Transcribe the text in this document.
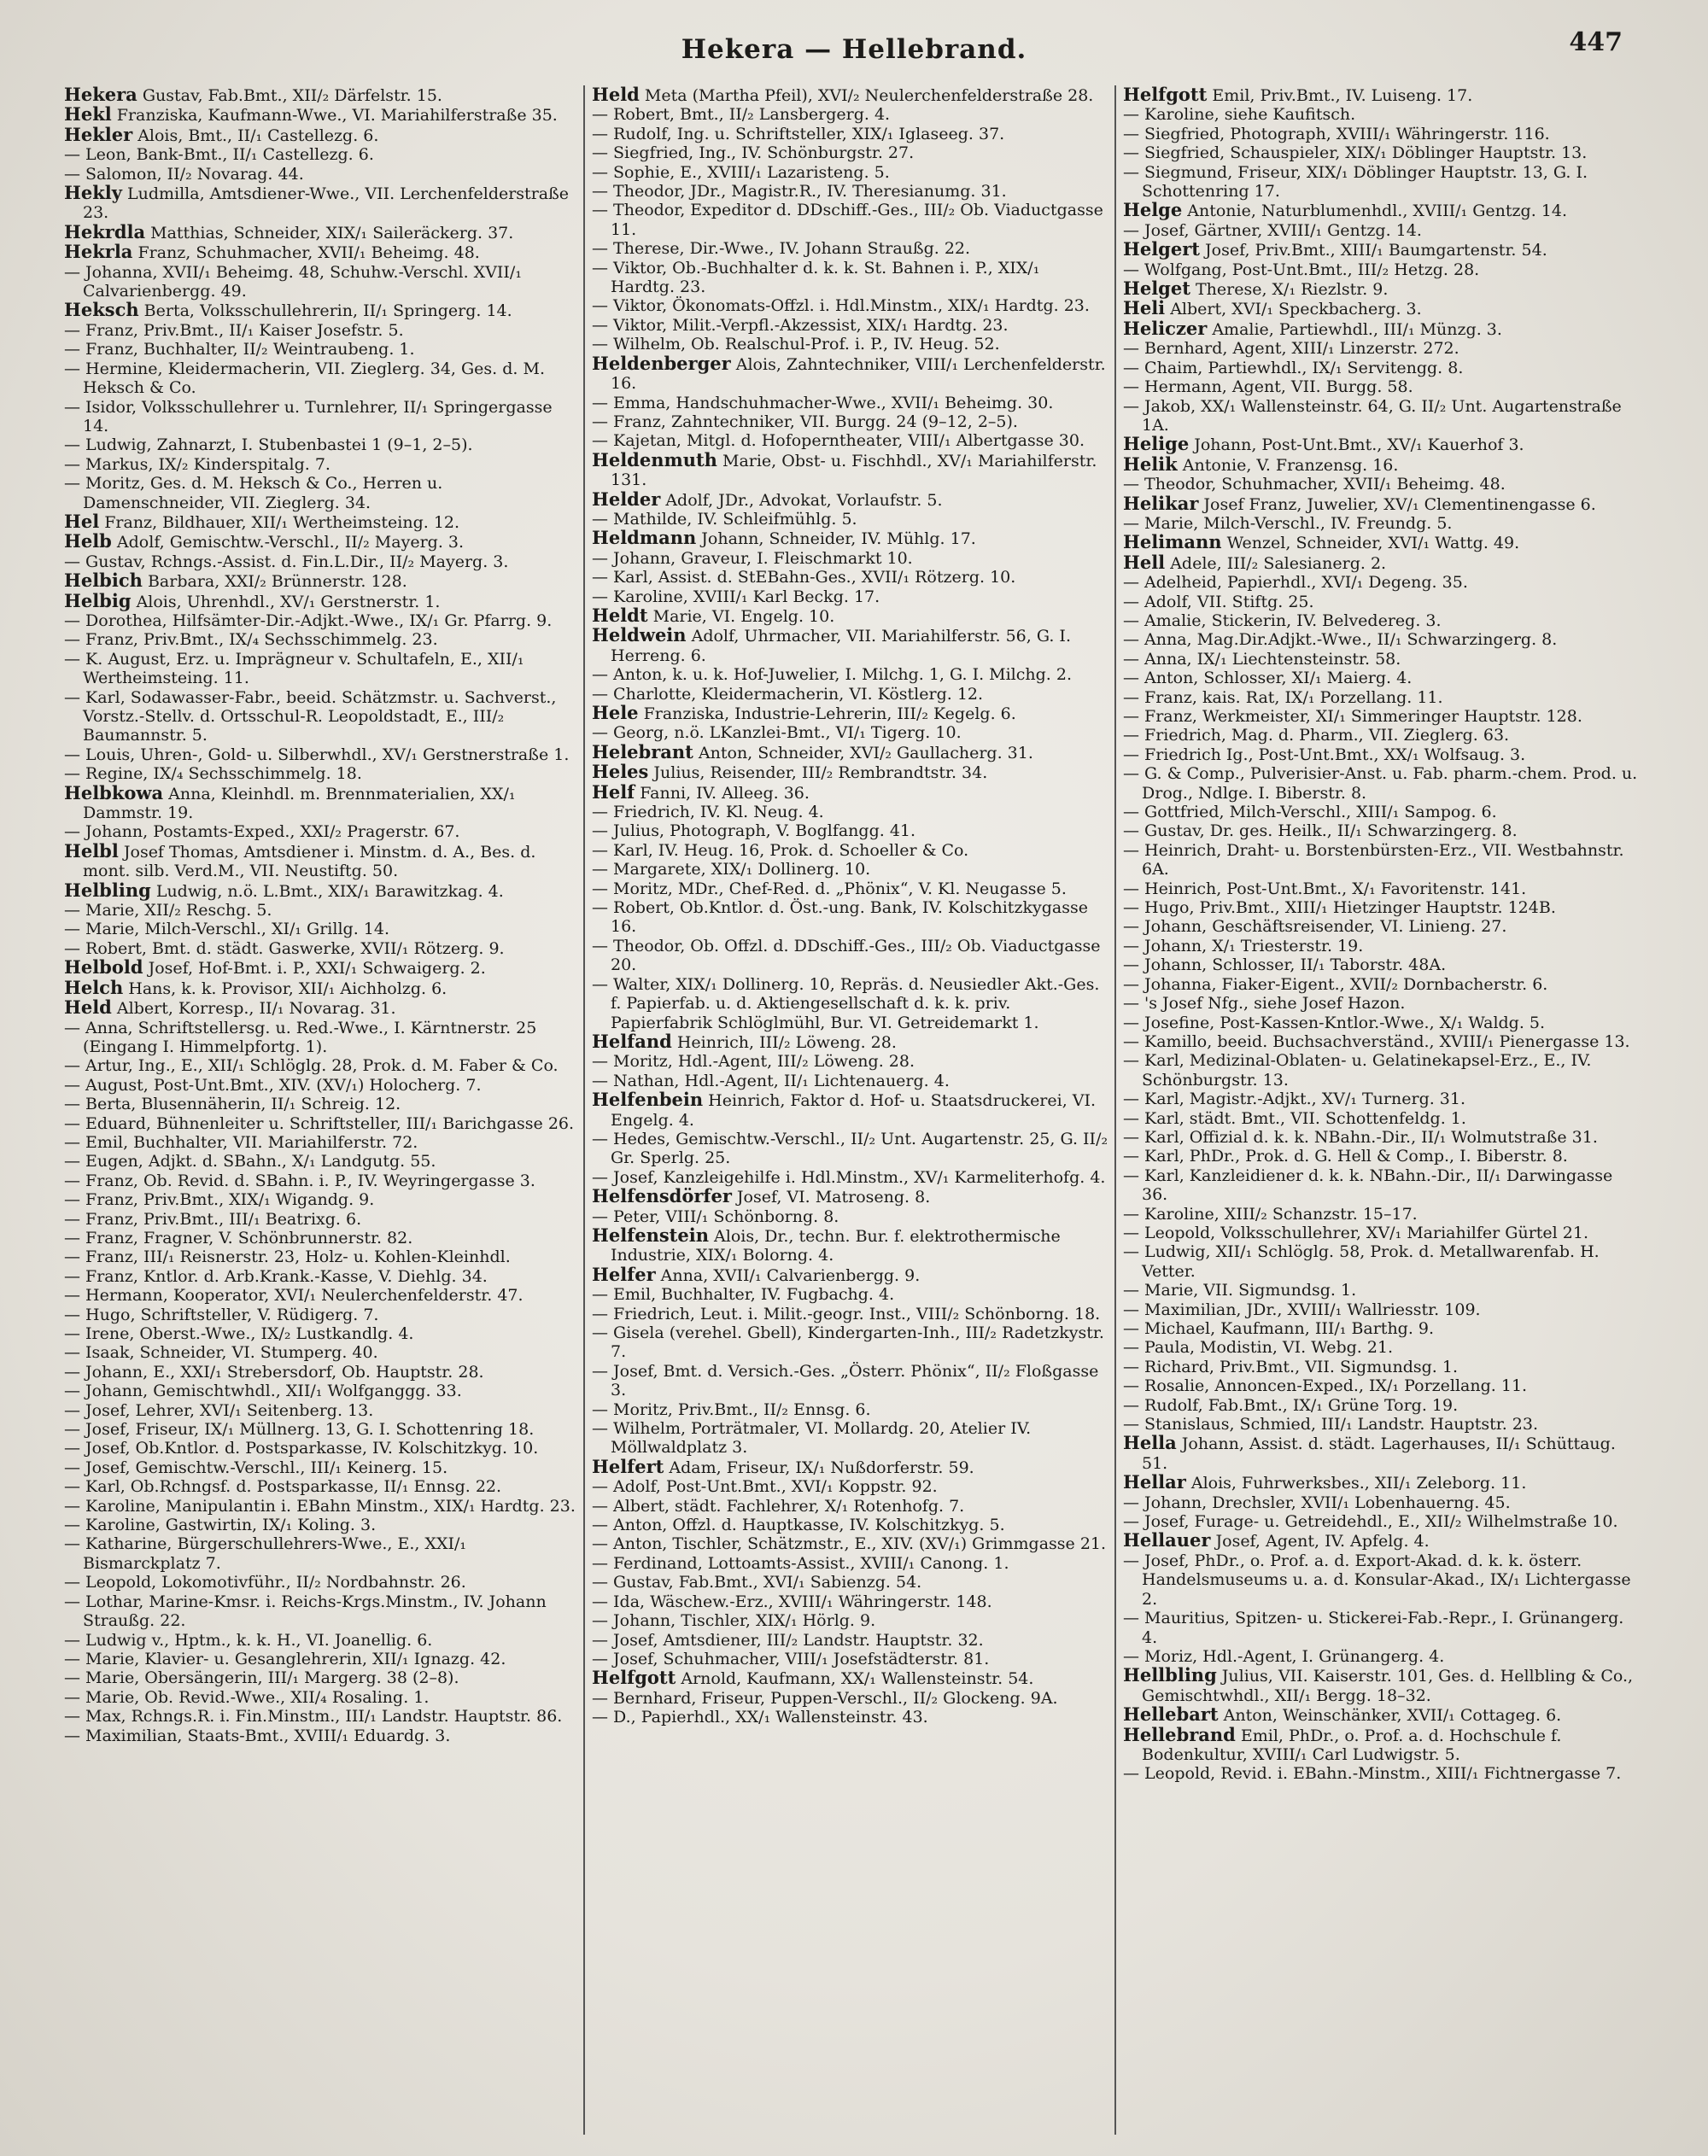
Hekera — Hellebrand.	447

Hekera Gustav, Fab.Bmt., XII/₂ Därfelstr. 15.

Hekl Franziska, Kaufmann-Wwe., VI. Mariahilferstraße 35.

Hekler Alois, Bmt., II/₁ Castellezg. 6.

— Leon, Bank-Bmt., II/₁ Castellezg. 6.

— Salomon, II/₂ Novarag. 44.

Hekly Ludmilla, Amtsdiener-Wwe., VII. Lerchenfelderstraße 23.

Hekrdla Matthias, Schneider, XIX/₁ Saileräckerg. 37.

Hekrla Franz, Schuhmacher, XVII/₁ Beheimg. 48.

— Johanna, XVII/₁ Beheimg. 48, Schuhw.-Verschl. XVII/₁ Calvarienbergg. 49.

Heksch Berta, Volksschullehrerin, II/₁ Springerg. 14.

— Franz, Priv.Bmt., II/₁ Kaiser Josefstr. 5.

— Franz, Buchhalter, II/₂ Weintraubeng. 1.

— Hermine, Kleidermacherin, VII. Zieglerg. 34, Ges. d. M. Heksch & Co.

— Isidor, Volksschullehrer u. Turnlehrer, II/₁ Springergasse 14.

— Ludwig, Zahnarzt, I. Stubenbastei 1 (9–1, 2–5).

— Markus, IX/₂ Kinderspitalg. 7.

— Moritz, Ges. d. M. Heksch & Co., Herren u. Damenschneider, VII. Zieglerg. 34.

Hel Franz, Bildhauer, XII/₁ Wertheimsteing. 12.

Helb Adolf, Gemischtw.-Verschl., II/₂ Mayerg. 3.

— Gustav, Rchngs.-Assist. d. Fin.L.Dir., II/₂ Mayerg. 3.

Helbich Barbara, XXI/₂ Brünnerstr. 128.

Helbig Alois, Uhrenhdl., XV/₁ Gerstnerstr. 1.

— Dorothea, Hilfsämter-Dir.-Adjkt.-Wwe., IX/₁ Gr. Pfarrg. 9.

— Franz, Priv.Bmt., IX/₄ Sechsschimmelg. 23.

— K. August, Erz. u. Imprägneur v. Schultafeln, E., XII/₁ Wertheimsteing. 11.

— Karl, Sodawasser-Fabr., beeid. Schätzmstr. u. Sachverst., Vorstz.-Stellv. d. Ortsschul-R. Leopoldstadt, E., III/₂ Baumannstr. 5.

— Louis, Uhren-, Gold- u. Silberwhdl., XV/₁ Gerstnerstraße 1.

— Regine, IX/₄ Sechsschimmelg. 18.

Helbkowa Anna, Kleinhdl. m. Brennmaterialien, XX/₁ Dammstr. 19.

— Johann, Postamts-Exped., XXI/₂ Pragerstr. 67.

Helbl Josef Thomas, Amtsdiener i. Minstm. d. A., Bes. d. mont. silb. Verd.M., VII. Neustiftg. 50.

Helbling Ludwig, n.ö. L.Bmt., XIX/₁ Barawitzkag. 4.

— Marie, XII/₂ Reschg. 5.

— Marie, Milch-Verschl., XI/₁ Grillg. 14.

— Robert, Bmt. d. städt. Gaswerke, XVII/₁ Rötzerg. 9.

Helbold Josef, Hof-Bmt. i. P., XXI/₁ Schwaigerg. 2.

Helch Hans, k. k. Provisor, XII/₁ Aichholzg. 6.

Held Albert, Korresp., II/₁ Novarag. 31.

— Anna, Schriftstellersg. u. Red.-Wwe., I. Kärntnerstr. 25 (Eingang I. Himmelpfortg. 1).

— Artur, Ing., E., XII/₁ Schlöglg. 28, Prok. d. M. Faber & Co.

— August, Post-Unt.Bmt., XIV. (XV/₁) Holocherg. 7.

— Berta, Blusennäherin, II/₁ Schreig. 12.

— Eduard, Bühnenleiter u. Schriftsteller, III/₁ Barichgasse 26.

— Emil, Buchhalter, VII. Mariahilferstr. 72.

— Eugen, Adjkt. d. SBahn., X/₁ Landgutg. 55.

— Franz, Ob. Revid. d. SBahn. i. P., IV. Weyringergasse 3.

— Franz, Priv.Bmt., XIX/₁ Wigandg. 9.

— Franz, Priv.Bmt., III/₁ Beatrixg. 6.

— Franz, Fragner, V. Schönbrunnerstr. 82.

— Franz, III/₁ Reisnerstr. 23, Holz- u. Kohlen-Kleinhdl.

— Franz, Kntlor. d. Arb.Krank.-Kasse, V. Diehlg. 34.

— Hermann, Kooperator, XVI/₁ Neulerchenfelderstr. 47.

— Hugo, Schriftsteller, V. Rüdigerg. 7.

— Irene, Oberst.-Wwe., IX/₂ Lustkandlg. 4.

— Isaak, Schneider, VI. Stumperg. 40.

— Johann, E., XXI/₁ Strebersdorf, Ob. Hauptstr. 28.

— Johann, Gemischtwhdl., XII/₁ Wolfganggg. 33.

— Josef, Lehrer, XVI/₁ Seitenberg. 13.

— Josef, Friseur, IX/₁ Müllnerg. 13, G. I. Schottenring 18.

— Josef, Ob.Kntlor. d. Postsparkasse, IV. Kolschitzkyg. 10.

— Josef, Gemischtw.-Verschl., III/₁ Keinerg. 15.

— Karl, Ob.Rchngsf. d. Postsparkasse, II/₁ Ennsg. 22.

— Karoline, Manipulantin i. EBahn Minstm., XIX/₁ Hardtg. 23.

— Karoline, Gastwirtin, IX/₁ Koling. 3.

— Katharine, Bürgerschullehrers-Wwe., E., XXI/₁ Bismarckplatz 7.

— Leopold, Lokomotivführ., II/₂ Nordbahnstr. 26.

— Lothar, Marine-Kmsr. i. Reichs-Krgs.Minstm., IV. Johann Straußg. 22.

— Ludwig v., Hptm., k. k. H., VI. Joanellig. 6.

— Marie, Klavier- u. Gesanglehrerin, XII/₁ Ignazg. 42.

— Marie, Obersängerin, III/₁ Margerg. 38 (2–8).

— Marie, Ob. Revid.-Wwe., XII/₄ Rosaling. 1.

— Max, Rchngs.R. i. Fin.Minstm., III/₁ Landstr. Hauptstr. 86.

— Maximilian, Staats-Bmt., XVIII/₁ Eduardg. 3.

Held Meta (Martha Pfeil), XVI/₂ Neulerchenfelderstraße 28.

— Robert, Bmt., II/₂ Lansbergerg. 4.

— Rudolf, Ing. u. Schriftsteller, XIX/₁ Iglaseeg. 37.

— Siegfried, Ing., IV. Schönburgstr. 27.

— Sophie, E., XVIII/₁ Lazaristeng. 5.

— Theodor, JDr., Magistr.R., IV. Theresianumg. 31.

— Theodor, Expeditor d. DDschiff.-Ges., III/₂ Ob. Viaductgasse 11.

— Therese, Dir.-Wwe., IV. Johann Straußg. 22.

— Viktor, Ob.-Buchhalter d. k. k. St. Bahnen i. P., XIX/₁ Hardtg. 23.

— Viktor, Ökonomats-Offzl. i. Hdl.Minstm., XIX/₁ Hardtg. 23.

— Viktor, Milit.-Verpfl.-Akzessist, XIX/₁ Hardtg. 23.

— Wilhelm, Ob. Realschul-Prof. i. P., IV. Heug. 52.

Heldenberger Alois, Zahntechniker, VIII/₁ Lerchenfelderstr. 16.

— Emma, Handschuhmacher-Wwe., XVII/₁ Beheimg. 30.

— Franz, Zahntechniker, VII. Burgg. 24 (9–12, 2–5).

— Kajetan, Mitgl. d. Hofoperntheater, VIII/₁ Albertgasse 30.

Heldenmuth Marie, Obst- u. Fischhdl., XV/₁ Mariahilferstr. 131.

Helder Adolf, JDr., Advokat, Vorlaufstr. 5.

— Mathilde, IV. Schleifmühlg. 5.

Heldmann Johann, Schneider, IV. Mühlg. 17.

— Johann, Graveur, I. Fleischmarkt 10.

— Karl, Assist. d. StEBahn-Ges., XVII/₁ Rötzerg. 10.

— Karoline, XVIII/₁ Karl Beckg. 17.

Heldt Marie, VI. Engelg. 10.

Heldwein Adolf, Uhrmacher, VII. Mariahilferstr. 56, G. I. Herreng. 6.

— Anton, k. u. k. Hof-Juwelier, I. Milchg. 1, G. I. Milchg. 2.

— Charlotte, Kleidermacherin, VI. Köstlerg. 12.

Hele Franziska, Industrie-Lehrerin, III/₂ Kegelg. 6.

— Georg, n.ö. LKanzlei-Bmt., VI/₁ Tigerg. 10.

Helebrant Anton, Schneider, XVI/₂ Gaullacherg. 31.

Heles Julius, Reisender, III/₂ Rembrandtstr. 34.

Helf Fanni, IV. Alleeg. 36.

— Friedrich, IV. Kl. Neug. 4.

— Julius, Photograph, V. Boglfangg. 41.

— Karl, IV. Heug. 16, Prok. d. Schoeller & Co.

— Margarete, XIX/₁ Dollinerg. 10.

— Moritz, MDr., Chef-Red. d. „Phönix“, V. Kl. Neugasse 5.

— Robert, Ob.Kntlor. d. Öst.-ung. Bank, IV. Kolschitzkygasse 16.

— Theodor, Ob. Offzl. d. DDschiff.-Ges., III/₂ Ob. Viaductgasse 20.

— Walter, XIX/₁ Dollinerg. 10, Repräs. d. Neusiedler Akt.-Ges. f. Papierfab. u. d. Aktiengesellschaft d. k. k. priv. Papierfabrik Schlöglmühl, Bur. VI. Getreidemarkt 1.

Helfand Heinrich, III/₂ Löweng. 28.

— Moritz, Hdl.-Agent, III/₂ Löweng. 28.

— Nathan, Hdl.-Agent, II/₁ Lichtenauerg. 4.

Helfenbein Heinrich, Faktor d. Hof- u. Staatsdruckerei, VI. Engelg. 4.

— Hedes, Gemischtw.-Verschl., II/₂ Unt. Augartenstr. 25, G. II/₂ Gr. Sperlg. 25.

— Josef, Kanzleigehilfe i. Hdl.Minstm., XV/₁ Karmeliterhofg. 4.

Helfensdörfer Josef, VI. Matroseng. 8.

— Peter, VIII/₁ Schönborng. 8.

Helfenstein Alois, Dr., techn. Bur. f. elektrothermische Industrie, XIX/₁ Bolorng. 4.

Helfer Anna, XVII/₁ Calvarienbergg. 9.

— Emil, Buchhalter, IV. Fugbachg. 4.

— Friedrich, Leut. i. Milit.-geogr. Inst., VIII/₂ Schönborng. 18.

— Gisela (verehel. Gbell), Kindergarten-Inh., III/₂ Radetzkystr. 7.

— Josef, Bmt. d. Versich.-Ges. „Österr. Phönix“, II/₂ Floßgasse 3.

— Moritz, Priv.Bmt., II/₂ Ennsg. 6.

— Wilhelm, Porträtmaler, VI. Mollardg. 20, Atelier IV. Möllwaldplatz 3.

Helfert Adam, Friseur, IX/₁ Nußdorferstr. 59.

— Adolf, Post-Unt.Bmt., XVI/₁ Koppstr. 92.

— Albert, städt. Fachlehrer, X/₁ Rotenhofg. 7.

— Anton, Offzl. d. Hauptkasse, IV. Kolschitzkyg. 5.

— Anton, Tischler, Schätzmstr., E., XIV. (XV/₁) Grimmgasse 21.

— Ferdinand, Lottoamts-Assist., XVIII/₁ Canong. 1.

— Gustav, Fab.Bmt., XVI/₁ Sabienzg. 54.

— Ida, Wäschew.-Erz., XVIII/₁ Währingerstr. 148.

— Johann, Tischler, XIX/₁ Hörlg. 9.

— Josef, Amtsdiener, III/₂ Landstr. Hauptstr. 32.

— Josef, Schuhmacher, VIII/₁ Josefstädterstr. 81.

Helfgott Arnold, Kaufmann, XX/₁ Wallensteinstr. 54.

— Bernhard, Friseur, Puppen-Verschl., II/₂ Glockeng. 9A.

— D., Papierhdl., XX/₁ Wallensteinstr. 43.

Helfgott Emil, Priv.Bmt., IV. Luiseng. 17.

— Karoline, siehe Kaufitsch.

— Siegfried, Photograph, XVIII/₁ Währingerstr. 116.

— Siegfried, Schauspieler, XIX/₁ Döblinger Hauptstr. 13.

— Siegmund, Friseur, XIX/₁ Döblinger Hauptstr. 13, G. I. Schottenring 17.

Helge Antonie, Naturblumenhdl., XVIII/₁ Gentzg. 14.

— Josef, Gärtner, XVIII/₁ Gentzg. 14.

Helgert Josef, Priv.Bmt., XIII/₁ Baumgartenstr. 54.

— Wolfgang, Post-Unt.Bmt., III/₂ Hetzg. 28.

Helget Therese, X/₁ Riezlstr. 9.

Heli Albert, XVI/₁ Speckbacherg. 3.

Heliczer Amalie, Partiewhdl., III/₁ Münzg. 3.

— Bernhard, Agent, XIII/₁ Linzerstr. 272.

— Chaim, Partiewhdl., IX/₁ Servitengg. 8.

— Hermann, Agent, VII. Burgg. 58.

— Jakob, XX/₁ Wallensteinstr. 64, G. II/₂ Unt. Augartenstraße 1A.

Helige Johann, Post-Unt.Bmt., XV/₁ Kauerhof 3.

Helik Antonie, V. Franzensg. 16.

— Theodor, Schuhmacher, XVII/₁ Beheimg. 48.

Helikar Josef Franz, Juwelier, XV/₁ Clementinengasse 6.

— Marie, Milch-Verschl., IV. Freundg. 5.

Helimann Wenzel, Schneider, XVI/₁ Wattg. 49.

Hell Adele, III/₂ Salesianerg. 2.

— Adelheid, Papierhdl., XVI/₁ Degeng. 35.

— Adolf, VII. Stiftg. 25.

— Amalie, Stickerin, IV. Belvedereg. 3.

— Anna, Mag.Dir.Adjkt.-Wwe., II/₁ Schwarzingerg. 8.

— Anna, IX/₁ Liechtensteinstr. 58.

— Anton, Schlosser, XI/₁ Maierg. 4.

— Franz, kais. Rat, IX/₁ Porzellang. 11.

— Franz, Werkmeister, XI/₁ Simmeringer Hauptstr. 128.

— Friedrich, Mag. d. Pharm., VII. Zieglerg. 63.

— Friedrich Ig., Post-Unt.Bmt., XX/₁ Wolfsaug. 3.

— G. & Comp., Pulverisier-Anst. u. Fab. pharm.-chem. Prod. u. Drog., Ndlge. I. Biberstr. 8.

— Gottfried, Milch-Verschl., XIII/₁ Sampog. 6.

— Gustav, Dr. ges. Heilk., II/₁ Schwarzingerg. 8.

— Heinrich, Draht- u. Borstenbürsten-Erz., VII. Westbahnstr. 6A.

— Heinrich, Post-Unt.Bmt., X/₁ Favoritenstr. 141.

— Hugo, Priv.Bmt., XIII/₁ Hietzinger Hauptstr. 124B.

— Johann, Geschäftsreisender, VI. Linieng. 27.

— Johann, X/₁ Triesterstr. 19.

— Johann, Schlosser, II/₁ Taborstr. 48A.

— Johanna, Fiaker-Eigent., XVII/₂ Dornbacherstr. 6.

— 's Josef Nfg., siehe Josef Hazon.

— Josefine, Post-Kassen-Kntlor.-Wwe., X/₁ Waldg. 5.

— Kamillo, beeid. Buchsachverständ., XVIII/₁ Pienergasse 13.

— Karl, Medizinal-Oblaten- u. Gelatinekapsel-Erz., E., IV. Schönburgstr. 13.

— Karl, Magistr.-Adjkt., XV/₁ Turnerg. 31.

— Karl, städt. Bmt., VII. Schottenfeldg. 1.

— Karl, Offizial d. k. k. NBahn.-Dir., II/₁ Wolmutstraße 31.

— Karl, PhDr., Prok. d. G. Hell & Comp., I. Biberstr. 8.

— Karl, Kanzleidiener d. k. k. NBahn.-Dir., II/₁ Darwingasse 36.

— Karoline, XIII/₂ Schanzstr. 15–17.

— Leopold, Volksschullehrer, XV/₁ Mariahilfer Gürtel 21.

— Ludwig, XII/₁ Schlöglg. 58, Prok. d. Metallwarenfab. H. Vetter.

— Marie, VII. Sigmundsg. 1.

— Maximilian, JDr., XVIII/₁ Wallriesstr. 109.

— Michael, Kaufmann, III/₁ Barthg. 9.

— Paula, Modistin, VI. Webg. 21.

— Richard, Priv.Bmt., VII. Sigmundsg. 1.

— Rosalie, Annoncen-Exped., IX/₁ Porzellang. 11.

— Rudolf, Fab.Bmt., IX/₁ Grüne Torg. 19.

— Stanislaus, Schmied, III/₁ Landstr. Hauptstr. 23.

Hella Johann, Assist. d. städt. Lagerhauses, II/₁ Schüttaug. 51.

Hellar Alois, Fuhrwerksbes., XII/₁ Zeleborg. 11.

— Johann, Drechsler, XVII/₁ Lobenhauerng. 45.

— Josef, Furage- u. Getreidehdl., E., XII/₂ Wilhelmstraße 10.

Hellauer Josef, Agent, IV. Apfelg. 4.

— Josef, PhDr., o. Prof. a. d. Export-Akad. d. k. k. österr. Handelsmuseums u. a. d. Konsular-Akad., IX/₁ Lichtergasse 2.

— Mauritius, Spitzen- u. Stickerei-Fab.-Repr., I. Grünangerg. 4.

— Moriz, Hdl.-Agent, I. Grünangerg. 4.

Hellbling Julius, VII. Kaiserstr. 101, Ges. d. Hellbling & Co., Gemischtwhdl., XII/₁ Bergg. 18–32.

Hellebart Anton, Weinschänker, XVII/₁ Cottageg. 6.

Hellebrand Emil, PhDr., o. Prof. a. d. Hochschule f. Bodenkultur, XVIII/₁ Carl Ludwigstr. 5.

— Leopold, Revid. i. EBahn.-Minstm., XIII/₁ Fichtnergasse 7.
